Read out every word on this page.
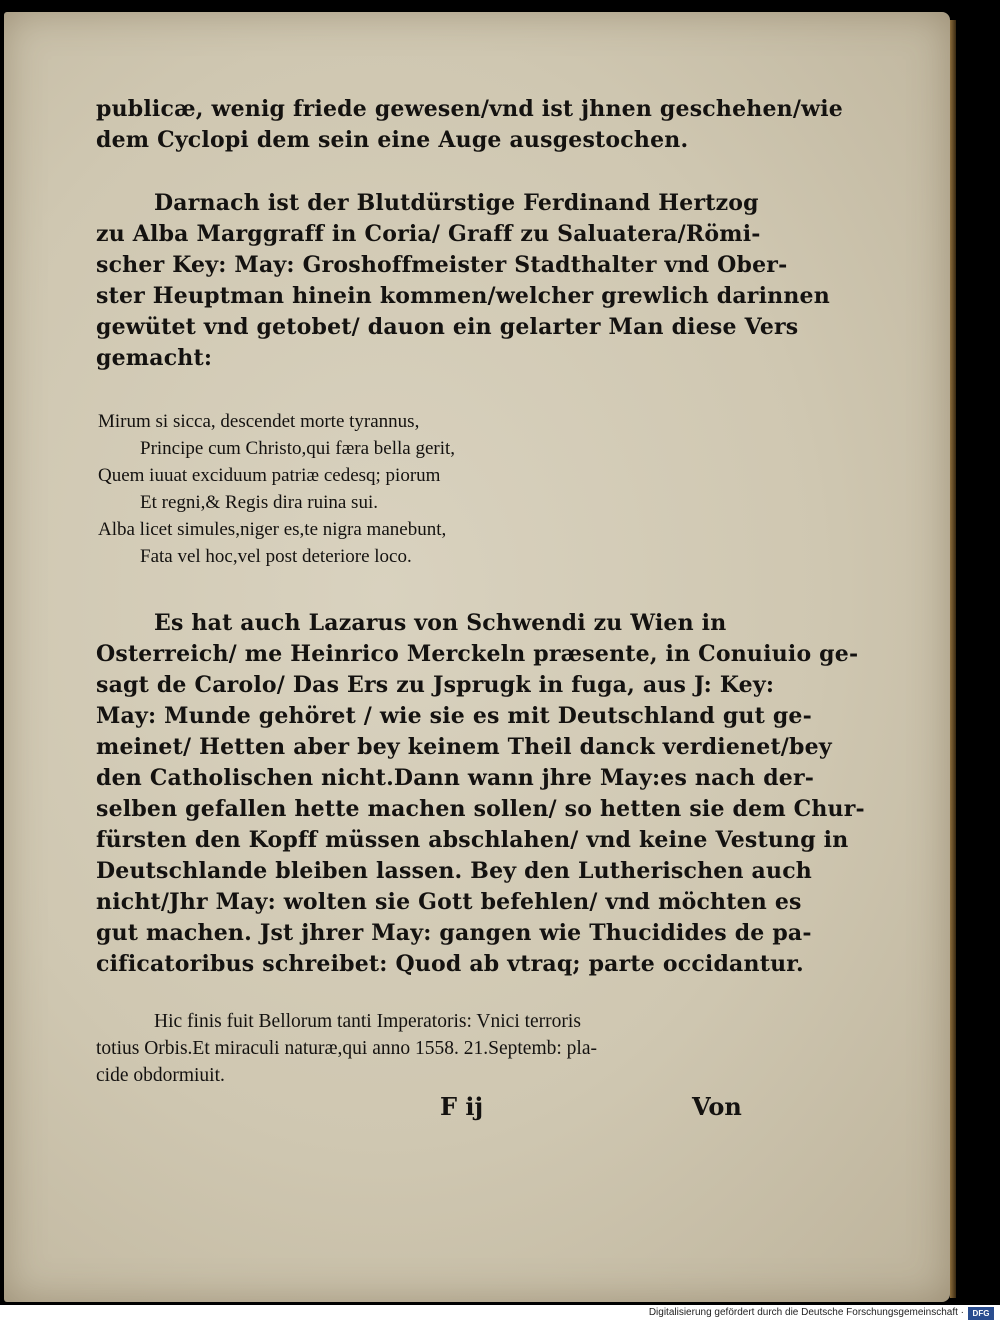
publicæ, wenig friede gewesen/vnd ist jhnen geschehen/wie
dem Cyclopi dem sein eine Auge ausgestochen.
Darnach ist der Blutdürstige Ferdinand Hertzog
zu Alba Marggraff in Coria/ Graff zu Saluatera/Römi-
scher Key: May: Groshoffmeister Stadthalter vnd Ober-
ster Heuptman hinein kommen/welcher grewlich darinnen
gewütet vnd getobet/ dauon ein gelarter Man diese Vers
gemacht:
Mirum si sicca, descendet morte tyrannus,
Principe cum Christo,qui færa bella gerit,
Quem iuuat exciduum patriæ cedesq; piorum
Et regni,& Regis dira ruina sui.
Alba licet simules,niger es,te nigra manebunt,
Fata vel hoc,vel post deteriore loco.
Es hat auch Lazarus von Schwendi zu Wien in
Osterreich/ me Heinrico Merckeln præsente, in Conuiuio ge-
sagt de Carolo/ Das Ers zu Jsprugk in fuga, aus J: Key:
May: Munde gehöret / wie sie es mit Deutschland gut ge-
meinet/ Hetten aber bey keinem Theil danck verdienet/bey
den Catholischen nicht.Dann wann jhre May:es nach der-
selben gefallen hette machen sollen/ so hetten sie dem Chur-
fürsten den Kopff müssen abschlahen/ vnd keine Vestung in
Deutschlande bleiben lassen. Bey den Lutherischen auch
nicht/Jhr May: wolten sie Gott befehlen/ vnd möchten es
gut machen. Jst jhrer May: gangen wie Thucidides de pa-
cificatoribus schreibet: Quod ab vtraq; parte occidantur.
Hic finis fuit Bellorum tanti Imperatoris: Vnici terroris
totius Orbis.Et miraculi naturæ,qui anno 1558. 21.Septemb: pla-
cide obdormiuit.
F ij	Von
Digitalisierung gefördert durch die Deutsche Forschungsgemeinschaft ·	DFG
